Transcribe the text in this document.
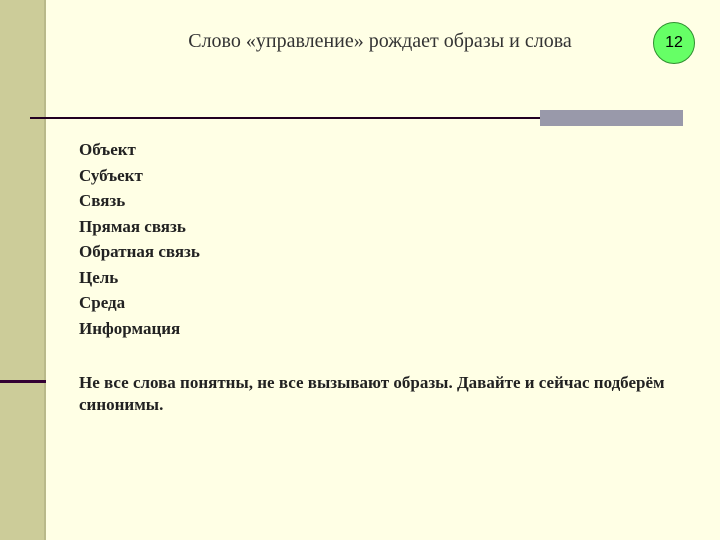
Слово «управление» рождает образы и слова	12
Объект
Субъект
Связь
Прямая связь
Обратная связь
Цель
Среда
Информация
Не все слова понятны, не все вызывают образы. Давайте и сейчас подберём синонимы.
